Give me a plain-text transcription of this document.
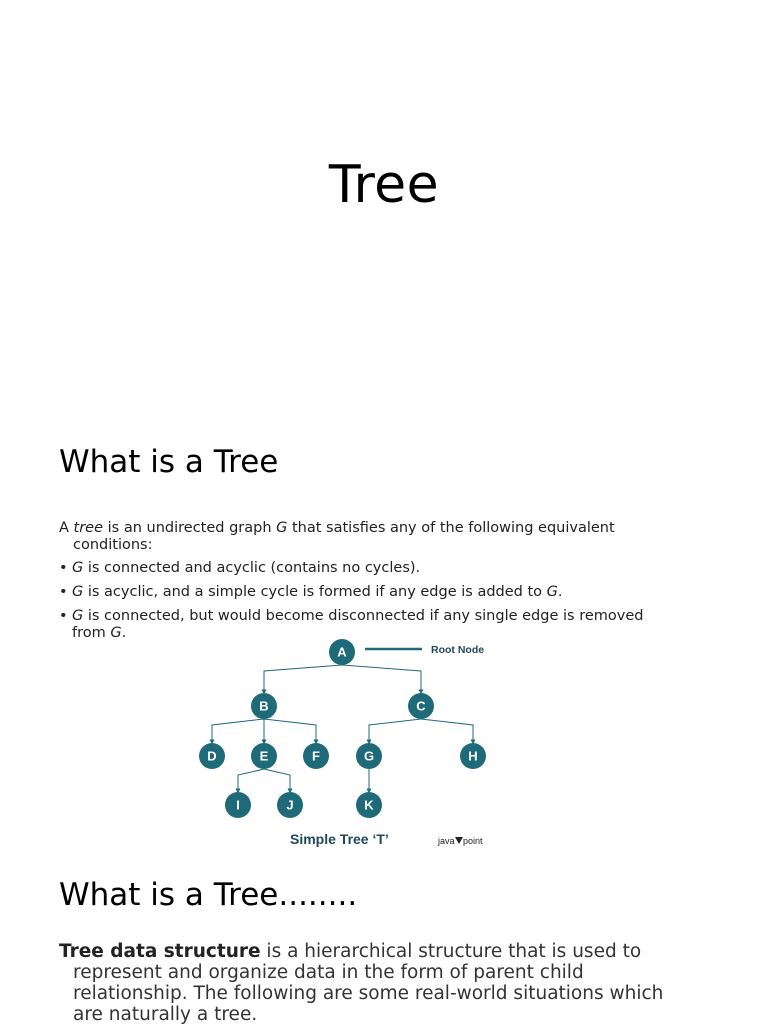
Tree
What is a Tree
A tree is an undirected graph G that satisfies any of the following equivalent
conditions:
• G is connected and acyclic (contains no cycles).
• G is acyclic, and a simple cycle is formed if any edge is added to G.
• G is connected, but would become disconnected if any single edge is removed
from G.
A
B	C
D	E	F	G	H
I	J	K
Root Node
Simple Tree ‘T’	java point
What is a Tree........
Tree data structure is a hierarchical structure that is used to
represent and organize data in the form of parent child
relationship. The following are some real-world situations which
are naturally a tree.
